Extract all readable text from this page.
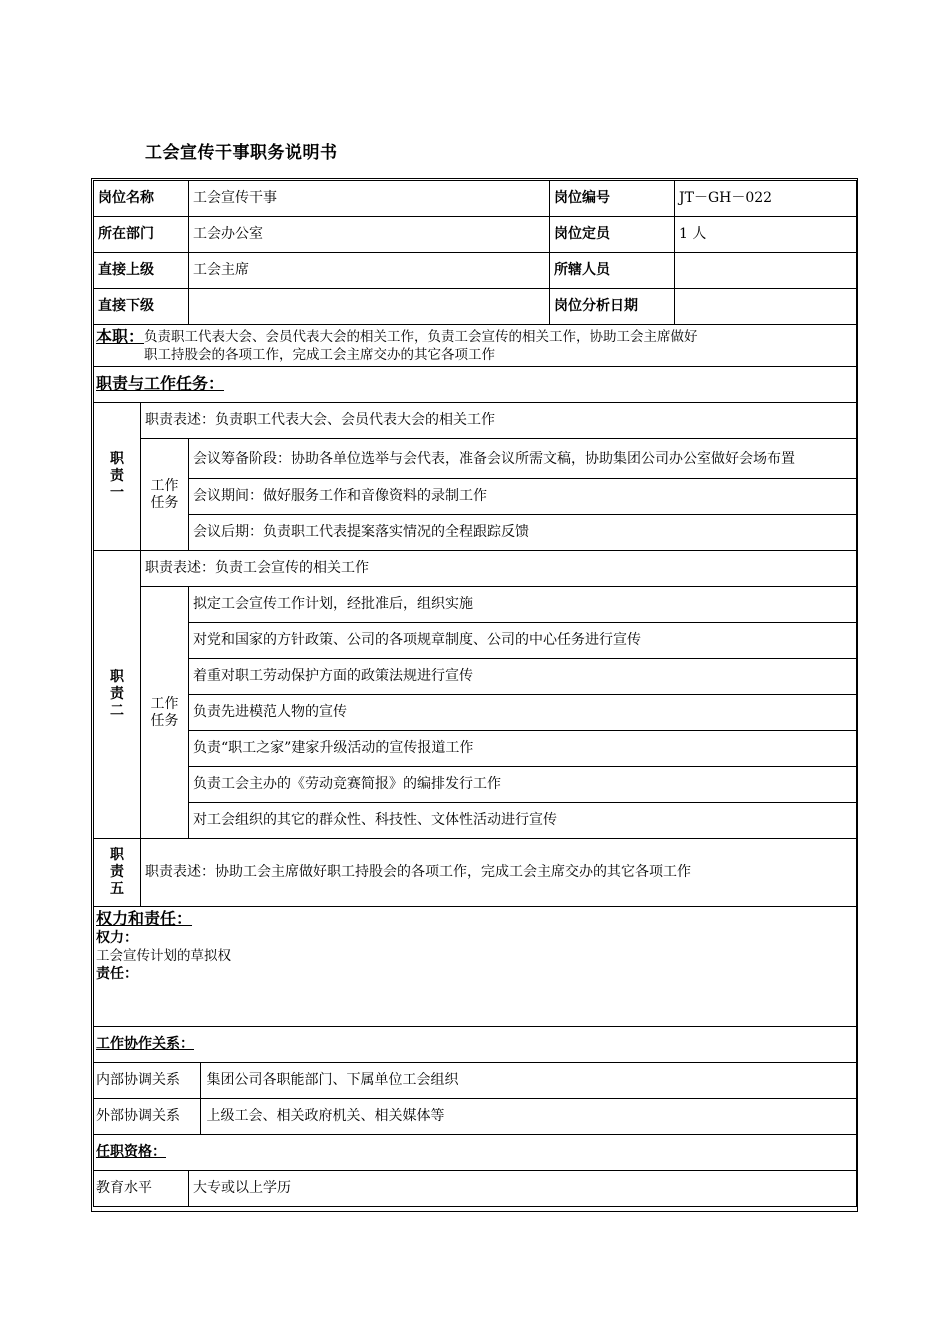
工会宣传干事职务说明书
岗位名称	工会宣传干事	岗位编号	JT－GH－022
所在部门	工会办公室	岗位定员	1 人
直接上级	工会主席	所辖人员	
直接下级		岗位分析日期	

本职： 负责职工代表大会、会员代表大会的相关工作，负责工会宣传的相关工作，协助工会主席做好
职工持股会的各项工作，完成工会主席交办的其它各项工作

职责与工作任务：
职
责
一	职责表述：负责职工代表大会、会员代表大会的相关工作
工作
任务	会议筹备阶段：协助各单位选举与会代表，准备会议所需文稿，协助集团公司办公室做好会场布置
会议期间：做好服务工作和音像资料的录制工作
会议后期：负责职工代表提案落实情况的全程跟踪反馈
职
责
二	职责表述：负责工会宣传的相关工作
工作
任务	拟定工会宣传工作计划，经批准后，组织实施
对党和国家的方针政策、公司的各项规章制度、公司的中心任务进行宣传
着重对职工劳动保护方面的政策法规进行宣传
负责先进模范人物的宣传
负责“职工之家”建家升级活动的宣传报道工作
负责工会主办的《劳动竞赛简报》的编排发行工作
对工会组织的其它的群众性、科技性、文体性活动进行宣传
职
责
五	职责表述：协助工会主席做好职工持股会的各项工作，完成工会主席交办的其它各项工作

权力和责任：
权力：
工会宣传计划的草拟权
责任：

工作协作关系：

内部协调关系	集团公司各职能部门、下属单位工会组织

外部协调关系	上级工会、相关政府机关、相关媒体等

任职资格：
教育水平	大专或以上学历
